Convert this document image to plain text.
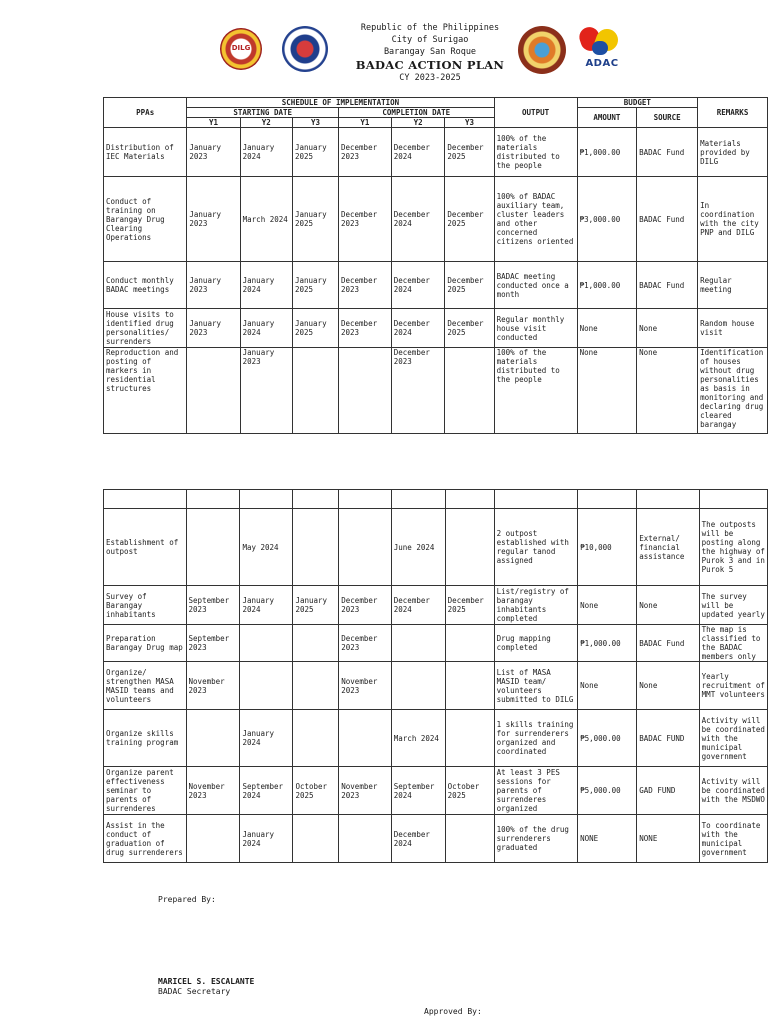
DILG
Republic of the Philippines
City of Surigao
Barangay San Roque
BADAC ACTION PLAN
CY 2023-2025
ADAC
PPAs	SCHEDULE OF IMPLEMENTATION						OUTPUT	BUDGET		REMARKS
	STARTING DATE			COMPLETION DATE				AMOUNT	SOURCE	
	Y1	Y2	Y3	Y1	Y2	Y3				
Distribution of IEC Materials	January 2023	January 2024	January 2025	December 2023	December 2024	December 2025	100% of the materials distributed to the people	₱1,000.00	BADAC Fund	Materials provided by DILG
Conduct of training on Barangay Drug Clearing Operations	January 2023	March 2024	January 2025	December 2023	December 2024	December 2025	100% of BADAC auxiliary team, cluster leaders and other concerned citizens oriented	₱3,000.00	BADAC Fund	In coordination with the city PNP and DILG
Conduct monthly BADAC meetings	January 2023	January 2024	January 2025	December 2023	December 2024	December 2025	BADAC meeting conducted once a month	₱1,000.00	BADAC Fund	Regular meeting
House visits to identified drug personalities/ surrenders	January 2023	January 2024	January 2025	December 2023	December 2024	December 2025	Regular monthly house visit conducted	None	None	Random house visit
Reproduction and posting of markers in residential structures		January 2023			December 2023		100% of the materials distributed to the people	None	None	Identification of houses without drug personalities as basis in monitoring and declaring drug cleared barangay

Establishment of outpost		May 2024			June 2024		2 outpost established with regular tanod assigned	₱10,000	External/ financial assistance	The outposts will be posting along the highway of Purok 3 and in Purok 5
Survey of Barangay inhabitants	September 2023	January 2024	January 2025	December 2023	December 2024	December 2025	List/registry of barangay inhabitants completed	None	None	The survey will be updated yearly
Preparation Barangay Drug map	September 2023			December 2023			Drug mapping completed	₱1,000.00	BADAC Fund	The map is classified to the BADAC members only
Organize/ strengthen MASA MASID teams and volunteers	November 2023			November 2023			List of MASA MASID team/ volunteers submitted to DILG	None	None	Yearly recruitment of MMT volunteers
Organize skills training program		January 2024			March 2024		1 skills training for surrenderers organized and coordinated	₱5,000.00	BADAC FUND	Activity will be coordinated with the municipal government
Organize parent effectiveness seminar to parents of surrenderes	November 2023	September 2024	October 2025	November 2023	September 2024	October 2025	At least 3 PES sessions for parents of surrenderes organized	₱5,000.00	GAD FUND	Activity will be coordinated with the MSDWO
Assist in the conduct of graduation of drug surrenderers		January 2024			December 2024		100% of the drug surrenderers graduated	NONE	NONE	To coordinate with the municipal government
Prepared By:
MARICEL S. ESCALANTE
BADAC Secretary
Approved By:
